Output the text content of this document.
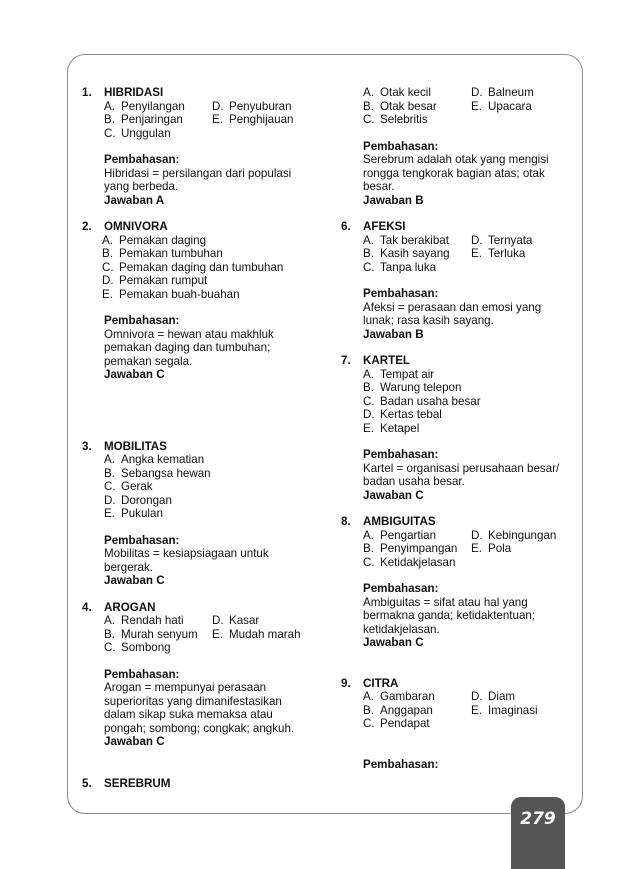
1.	HIBRIDASI
A. Penyilangan D. Penyuburan
B. Penjaringan	E. Penghijauan
C. Unggulan
Pembahasan:
Hibridasi = persilangan dari populasi
yang berbeda.
Jawaban A
2.	OMNIVORA
A. Pemakan daging
B. Pemakan tumbuhan
C. Pemakan daging dan tumbuhan
D. Pemakan rumput
E. Pemakan buah-buahan
Pembahasan:
Omnivora = hewan atau makhluk
pemakan daging dan tumbuhan;
pemakan segala.
Jawaban C
3.	MOBILITAS
A. Angka kematian
B. Sebangsa hewan
C. Gerak
D. Dorongan
E. Pukulan
Pembahasan:
Mobilitas = kesiapsiagaan untuk
bergerak.
Jawaban C
4.	AROGAN
A. Rendah hati D. Kasar
B. Murah senyum E. Mudah marah
C. Sombong
Pembahasan:
Arogan = mempunyai perasaan
superioritas yang dimanifestasikan
dalam sikap suka memaksa atau
pongah; sombong; congkak; angkuh.
Jawaban C
5.	SEREBRUM
A. Otak kecil	D. Balneum
B. Otak besar	E. Upacara
C. Selebritis
Pembahasan:
Serebrum adalah otak yang mengisi
rongga tengkorak bagian atas; otak
besar.
Jawaban B
6.	AFEKSI
A. Tak berakibat D. Ternyata
B. Kasih sayang E. Terluka
C. Tanpa luka
Pembahasan:
Afeksi = perasaan dan emosi yang
lunak; rasa kasih sayang.
Jawaban B
7.	KARTEL
A. Tempat air
B. Warung telepon
C. Badan usaha besar
D. Kertas tebal
E. Ketapel
Pembahasan:
Kartel = organisasi perusahaan besar/
badan usaha besar.
Jawaban C
8.	AMBIGUITAS
A. Pengartian	D. Kebingungan
B. Penyimpangan E. Pola
C. Ketidakjelasan
Pembahasan:
Ambiguitas = sifat atau hal yang
bermakna ganda; ketidaktentuan;
ketidakjelasan.
Jawaban C
9.	CITRA
A. Gambaran	D. Diam
B. Anggapan	E. Imaginasi
C. Pendapat
Pembahasan:
279
